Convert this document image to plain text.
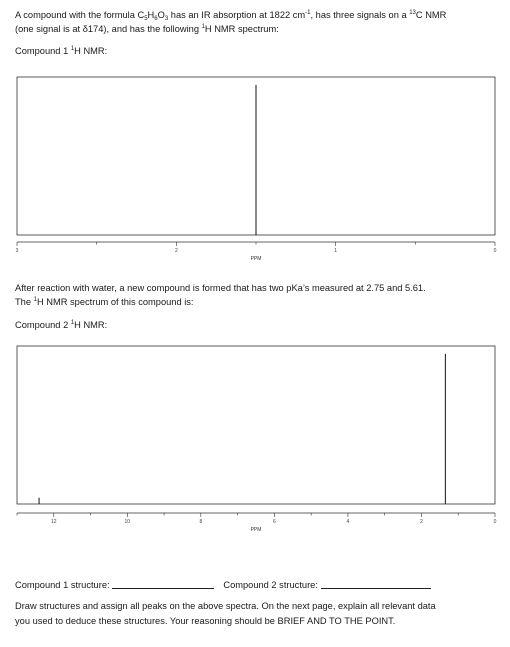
A compound with the formula $C_5H_6O_3$ has an IR absorption at 1822 $cm^{-1}$, has three signals on a $^{13}$C NMR
(one signal is at δ174), and has the following $^1$H NMR spectrum:
Compound 1 $^1$H NMR:
3	2	1	0
PPM
After reaction with water, a new compound is formed that has two pKa’s measured at 2.75 and 5.61.
The $^1$H NMR spectrum of this compound is:
Compound 2 $^1$H NMR:
12	10	8	6	4	2	0
PPM
Compound 1 structure:	Compound 2 structure:
Draw structures and assign all peaks on the above spectra. On the next page, explain all relevant data
you used to deduce these structures. Your reasoning should be BRIEF AND TO THE POINT.
